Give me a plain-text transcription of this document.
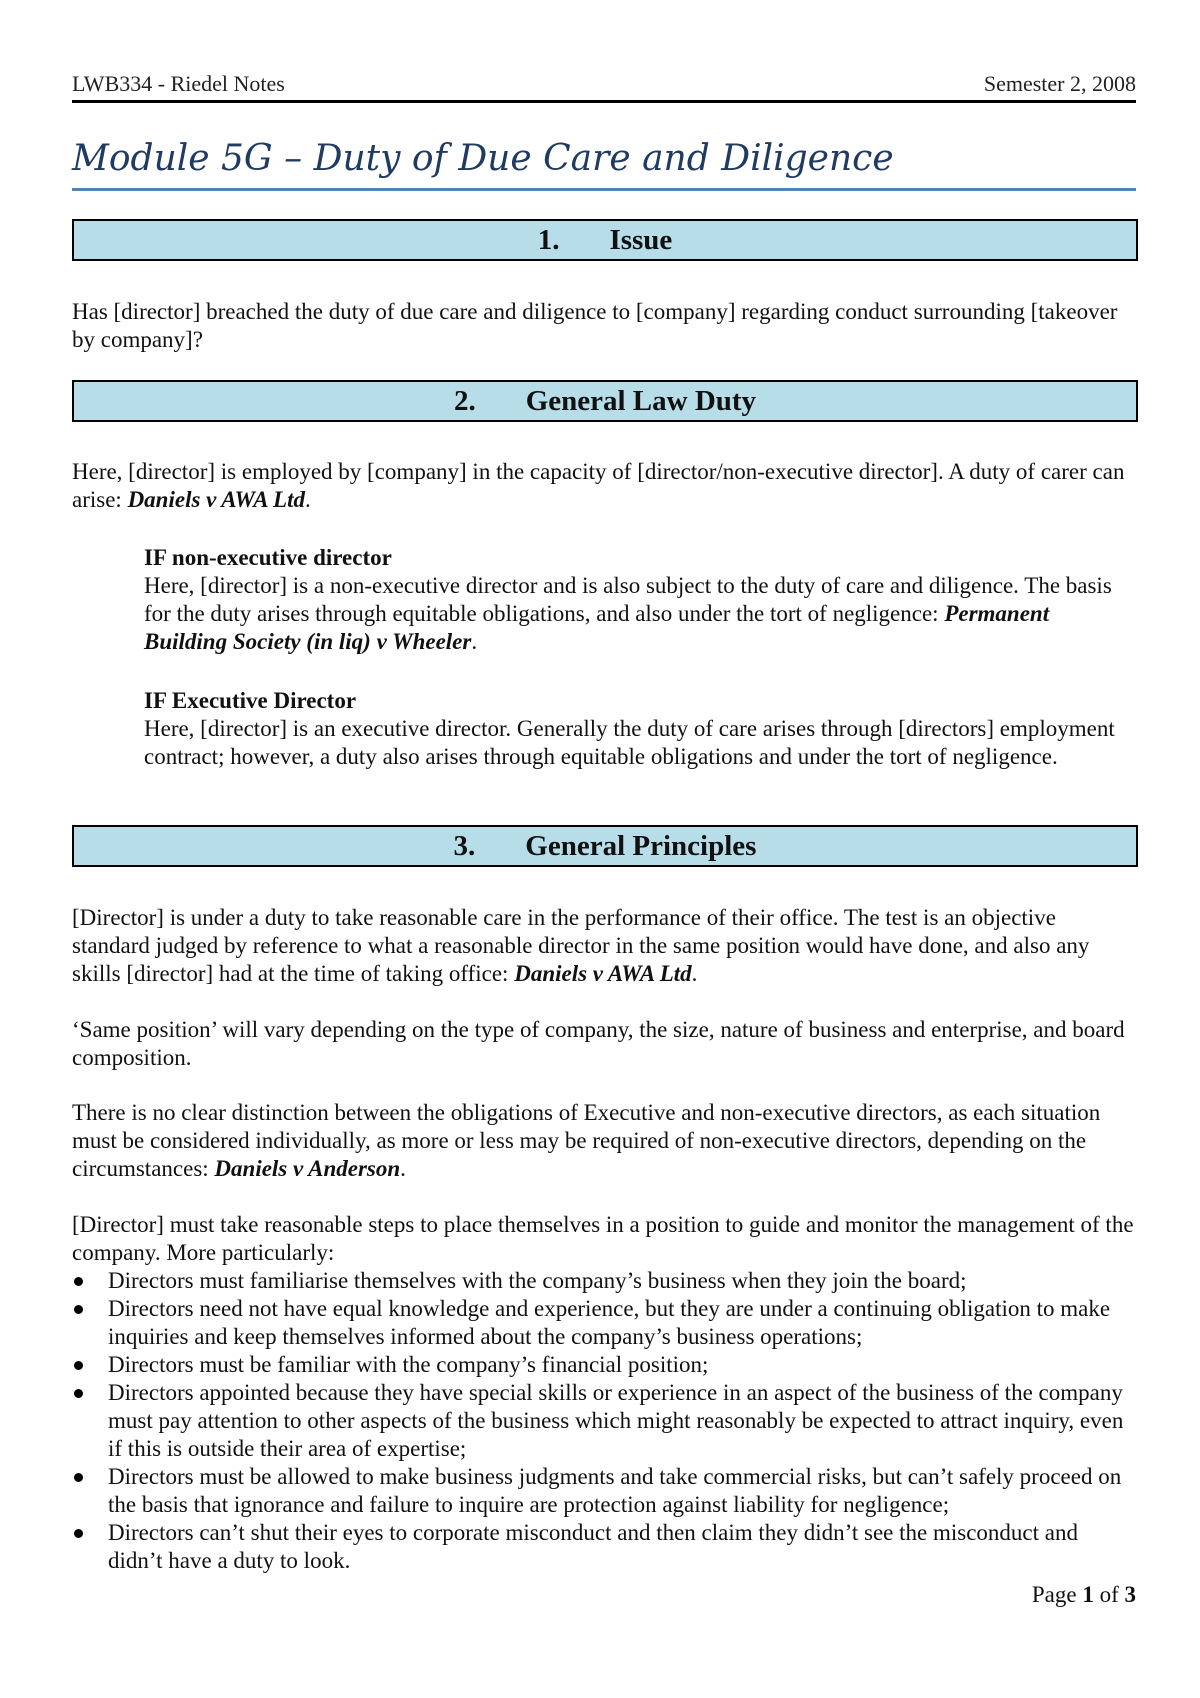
LWB334 - Riedel Notes	Semester 2, 2008
Module 5G – Duty of Due Care and Diligence
1. Issue

Has [director] breached the duty of due care and diligence to [company] regarding conduct surrounding [takeover by company]?

2. General Law Duty

Here, [director] is employed by [company] in the capacity of [director/non-executive director]. A duty of carer can arise: Daniels v AWA Ltd.

IF non-executive director

Here, [director] is a non-executive director and is also subject to the duty of care and diligence. The basis for the duty arises through equitable obligations, and also under the tort of negligence: Permanent Building Society (in liq) v Wheeler.

IF Executive Director

Here, [director] is an executive director. Generally the duty of care arises through [directors] employment contract; however, a duty also arises through equitable obligations and under the tort of negligence.

3. General Principles

[Director] is under a duty to take reasonable care in the performance of their office. The test is an objective standard judged by reference to what a reasonable director in the same position would have done, and also any skills [director] had at the time of taking office: Daniels v AWA Ltd.

‘Same position’ will vary depending on the type of company, the size, nature of business and enterprise, and board composition.

There is no clear distinction between the obligations of Executive and non-executive directors, as each situation must be considered individually, as more or less may be required of non-executive directors, depending on the circumstances: Daniels v Anderson.

[Director] must take reasonable steps to place themselves in a position to guide and monitor the management of the company. More particularly:

Directors must familiarise themselves with the company’s business when they join the board;
Directors need not have equal knowledge and experience, but they are under a continuing obligation to make inquiries and keep themselves informed about the company’s business operations;
Directors must be familiar with the company’s financial position;
Directors appointed because they have special skills or experience in an aspect of the business of the company must pay attention to other aspects of the business which might reasonably be expected to attract inquiry, even if this is outside their area of expertise;
Directors must be allowed to make business judgments and take commercial risks, but can’t safely proceed on the basis that ignorance and failure to inquire are protection against liability for negligence;
Directors can’t shut their eyes to corporate misconduct and then claim they didn’t see the misconduct and didn’t have a duty to look.
Page 1 of 3
